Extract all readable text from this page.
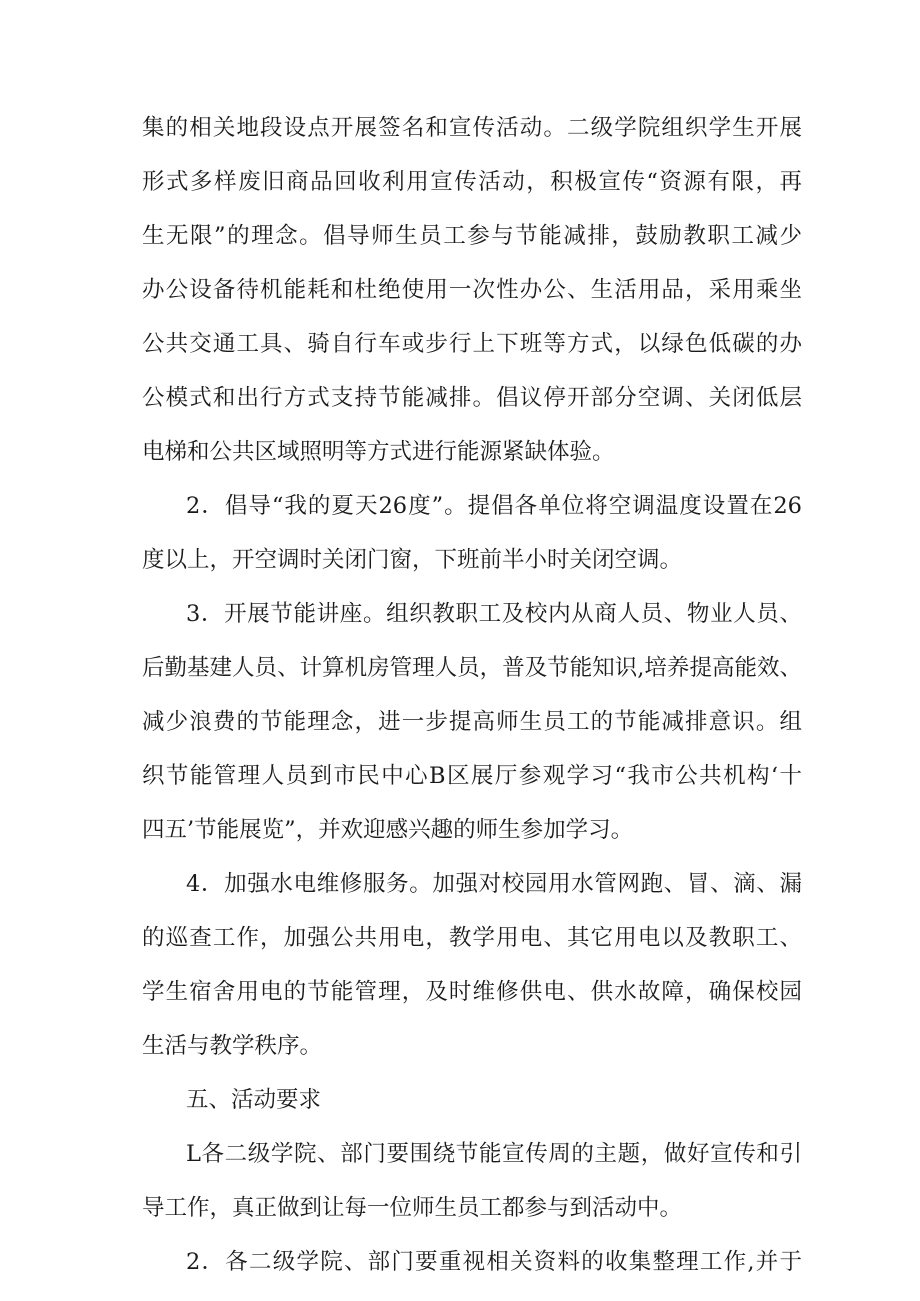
集的相关地段设点开展签名和宣传活动。二级学院组织学生开展
形式多样废旧商品回收利用宣传活动，积极宣传“资源有限，再
生无限”的理念。倡导师生员工参与节能减排，鼓励教职工减少
办公设备待机能耗和杜绝使用一次性办公、生活用品，采用乘坐
公共交通工具、骑自行车或步行上下班等方式，以绿色低碳的办
公模式和出行方式支持节能减排。倡议停开部分空调、关闭低层
电梯和公共区域照明等方式进行能源紧缺体验。
2．倡导“我的夏天26度”。提倡各单位将空调温度设置在26
度以上，开空调时关闭门窗，下班前半小时关闭空调。
3．开展节能讲座。组织教职工及校内从商人员、物业人员、
后勤基建人员、计算机房管理人员，普及节能知识,培养提高能效、
减少浪费的节能理念，进一步提高师生员工的节能减排意识。组
织节能管理人员到市民中心B区展厅参观学习“我市公共机构‘十
四五’节能展览”，并欢迎感兴趣的师生参加学习。
4．加强水电维修服务。加强对校园用水管网跑、冒、滴、漏
的巡查工作，加强公共用电，教学用电、其它用电以及教职工、
学生宿舍用电的节能管理，及时维修供电、供水故障，确保校园
生活与教学秩序。
五、活动要求
L各二级学院、部门要围绕节能宣传周的主题，做好宣传和引
导工作，真正做到让每一位师生员工都参与到活动中。
2．各二级学院、部门要重视相关资料的收集整理工作,并于
